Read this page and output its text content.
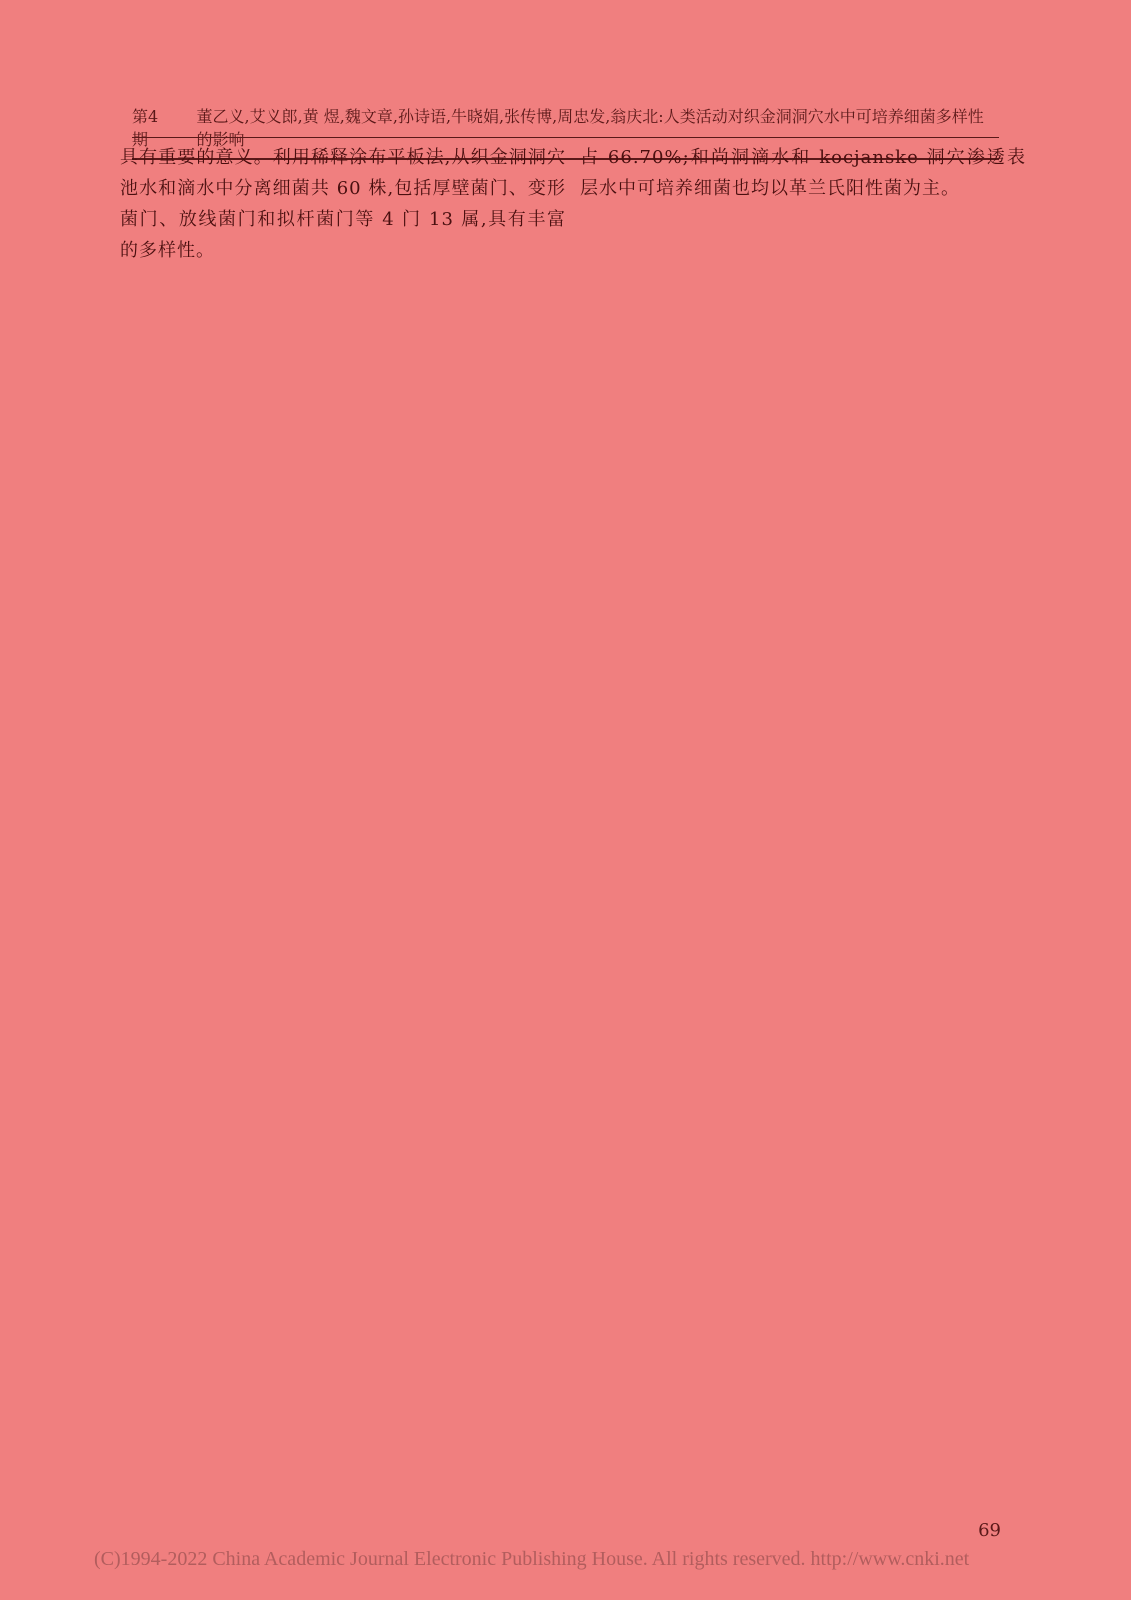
第4期
董乙义,艾义郎,黄 煜,魏文章,孙诗语,牛晓娟,张传博,周忠发,翁庆北:人类活动对织金洞洞穴水中可培养细菌多样性的影响

具有重要的意义。利用稀释涂布平板法,从织金洞洞穴池水和滴水中分离细菌共 60 株,包括厚壁菌门、变形菌门、放线菌门和拟杆菌门等 4 门 13 属,具有丰富的多样性。

占 66.70%;和尚洞滴水和 kocjanske 洞穴渗透表层水中可培养细菌也均以革兰氏阳性菌为主。

69
(C)1994-2022 China Academic Journal Electronic Publishing House. All rights reserved. http://www.cnki.net
